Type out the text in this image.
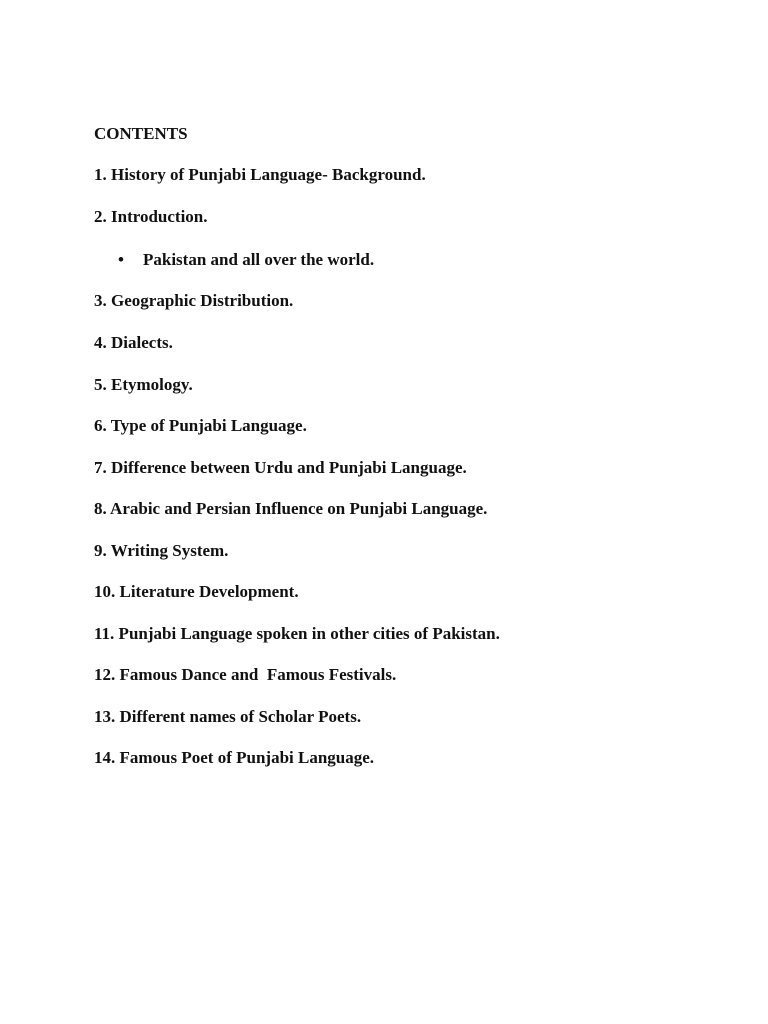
CONTENTS
1. History of Punjabi Language- Background.
2. Introduction.
• Pakistan and all over the world.
3. Geographic Distribution.
4. Dialects.
5. Etymology.
6. Type of Punjabi Language.
7. Difference between Urdu and Punjabi Language.
8. Arabic and Persian Influence on Punjabi Language.
9. Writing System.
10. Literature Development.
11. Punjabi Language spoken in other cities of Pakistan.
12. Famous Dance and  Famous Festivals.
13. Different names of Scholar Poets.
14. Famous Poet of Punjabi Language.
